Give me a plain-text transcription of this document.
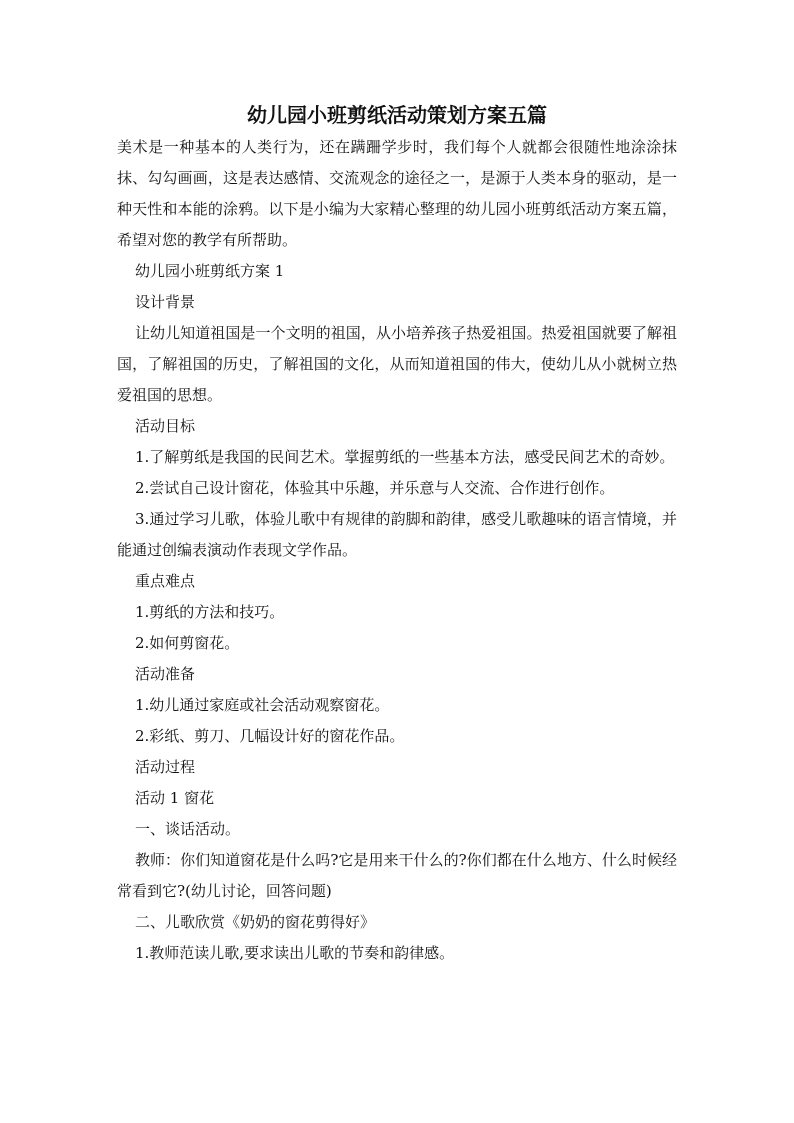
幼儿园小班剪纸活动策划方案五篇

美术是一种基本的人类行为，还在蹒跚学步时，我们每个人就都会很随性地涂涂抹抹、勾勾画画，这是表达感情、交流观念的途径之一，是源于人类本身的驱动，是一种天性和本能的涂鸦。以下是小编为大家精心整理的幼儿园小班剪纸活动方案五篇，希望对您的教学有所帮助。

幼儿园小班剪纸方案 1

设计背景

让幼儿知道祖国是一个文明的祖国，从小培养孩子热爱祖国。热爱祖国就要了解祖国，了解祖国的历史，了解祖国的文化，从而知道祖国的伟大，使幼儿从小就树立热爱祖国的思想。

活动目标

1.了解剪纸是我国的民间艺术。掌握剪纸的一些基本方法，感受民间艺术的奇妙。

2.尝试自己设计窗花，体验其中乐趣，并乐意与人交流、合作进行创作。

3.通过学习儿歌，体验儿歌中有规律的韵脚和韵律，感受儿歌趣味的语言情境，并能通过创编表演动作表现文学作品。

重点难点

1.剪纸的方法和技巧。

2.如何剪窗花。

活动准备

1.幼儿通过家庭或社会活动观察窗花。

2.彩纸、剪刀、几幅设计好的窗花作品。

活动过程

活动 1 窗花

一、谈话活动。

教师：你们知道窗花是什么吗?它是用来干什么的?你们都在什么地方、什么时候经常看到它?(幼儿讨论，回答问题)

二、儿歌欣赏《奶奶的窗花剪得好》

1.教师范读儿歌,要求读出儿歌的节奏和韵律感。
